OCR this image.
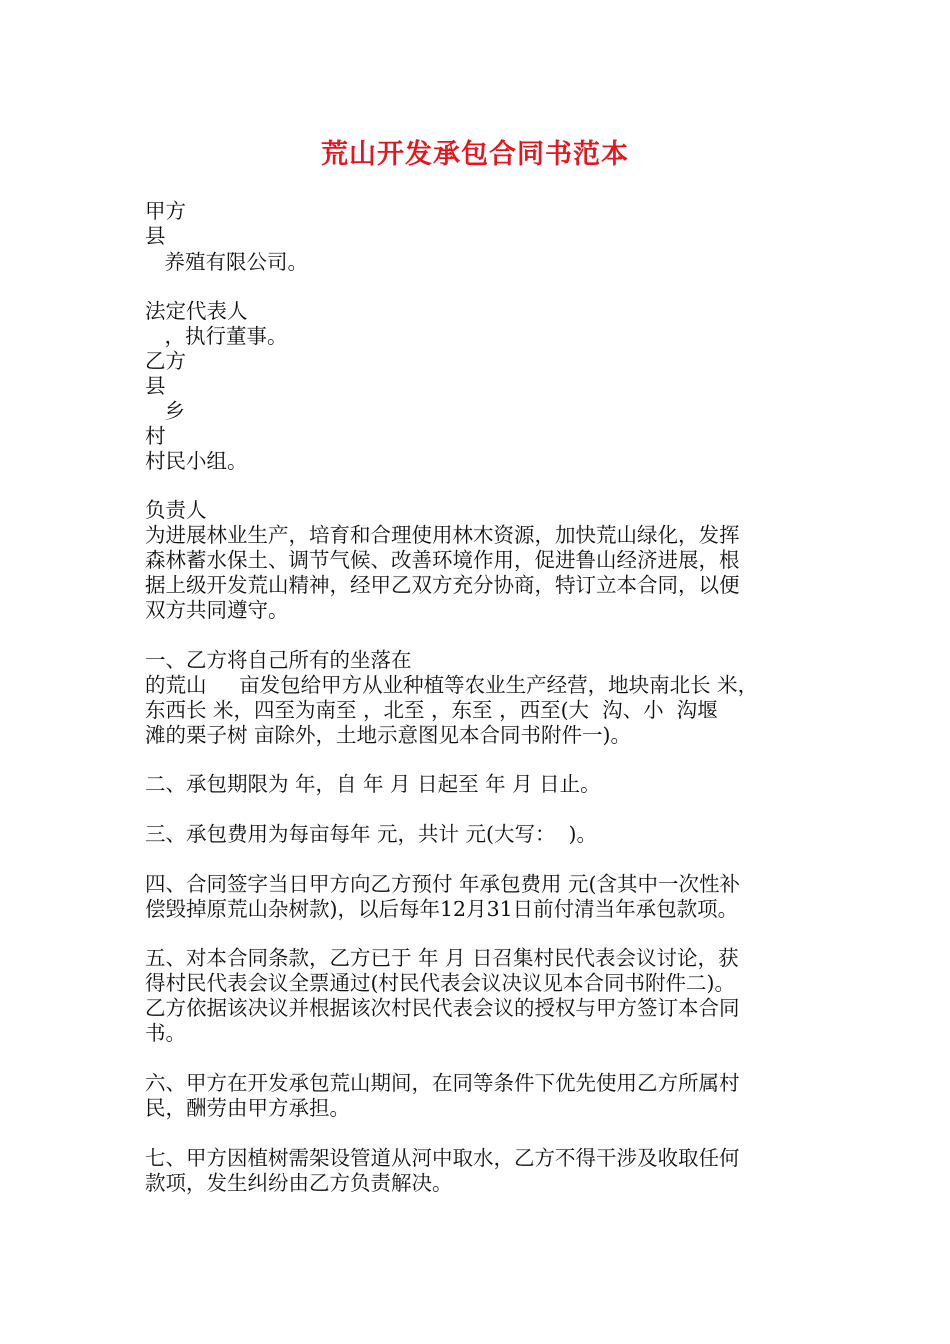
荒山开发承包合同书范本
甲方
县
养殖有限公司。
法定代表人
，执行董事。
乙方
县
乡
村
村民小组。
负责人
为进展林业生产，培育和合理使用林木资源，加快荒山绿化，发挥
森林蓄水保土、调节气候、改善环境作用，促进鲁山经济进展，根
据上级开发荒山精神，经甲乙双方充分协商，特订立本合同，以便
双方共同遵守。
一、乙方将自己所有的坐落在
的荒山     亩发包给甲方从业种植等农业生产经营，地块南北长 米，
东西长 米，四至为南至 ，北至 ，东至 ，西至(大  沟、小  沟堰
滩的栗子树 亩除外，土地示意图见本合同书附件一)。
二、承包期限为 年，自 年 月 日起至 年 月 日止。
三、承包费用为每亩每年 元，共计 元(大写：  )。
四、合同签字当日甲方向乙方预付 年承包费用 元(含其中一次性补
偿毁掉原荒山杂树款)，以后每年12月31日前付清当年承包款项。
五、对本合同条款，乙方已于 年 月 日召集村民代表会议讨论，获
得村民代表会议全票通过(村民代表会议决议见本合同书附件二)。
乙方依据该决议并根据该次村民代表会议的授权与甲方签订本合同
书。
六、甲方在开发承包荒山期间，在同等条件下优先使用乙方所属村
民，酬劳由甲方承担。
七、甲方因植树需架设管道从河中取水，乙方不得干涉及收取任何
款项，发生纠纷由乙方负责解决。
